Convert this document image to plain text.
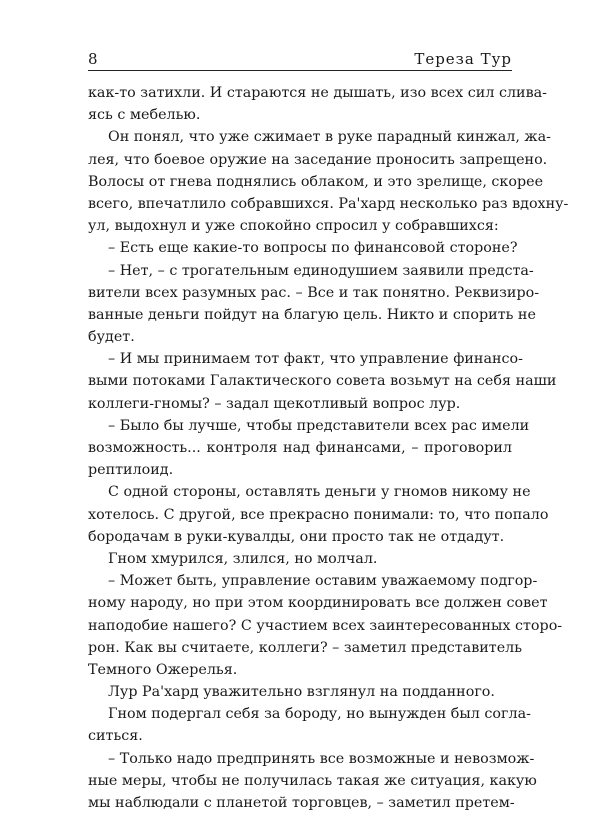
8	Тереза Тур
как-то затихли. И стараются не дышать, изо всех сил слива-
ясь с мебелью.
Он понял, что уже сжимает в руке парадный кинжал, жа-
лея, что боевое оружие на заседание проносить запрещено.
Волосы от гнева поднялись облаком, и это зрелище, скорее
всего, впечатлило собравшихся. Ра'хард несколько раз вдохну-
ул, выдохнул и уже спокойно спросил у собравшихся:
– Есть еще какие-то вопросы по финансовой стороне?
– Нет, – с трогательным единодушием заявили предста-
вители всех разумных рас. – Все и так понятно. Реквизиро-
ванные деньги пойдут на благую цель. Никто и спорить не
будет.
– И мы принимаем тот факт, что управление финансо-
выми потоками Галактического совета возьмут на себя наши
коллеги-гномы? – задал щекотливый вопрос лур.
– Было бы лучше, чтобы представители всех рас имели
возможность... контроля над финансами, – проговорил
рептилоид.
С одной стороны, оставлять деньги у гномов никому не
хотелось. С другой, все прекрасно понимали: то, что попало
бородачам в руки-кувалды, они просто так не отдадут.
Гном хмурился, злился, но молчал.
– Может быть, управление оставим уважаемому подгор-
ному народу, но при этом координировать все должен совет
наподобие нашего? С участием всех заинтересованных сторо-
рон. Как вы считаете, коллеги? – заметил представитель
Темного Ожерелья.
Лур Ра'хард уважительно взглянул на подданного.
Гном подергал себя за бороду, но вынужден был согла-
ситься.
– Только надо предпринять все возможные и невозмож-
ные меры, чтобы не получилась такая же ситуация, какую
мы наблюдали с планетой торговцев, – заметил претем-
